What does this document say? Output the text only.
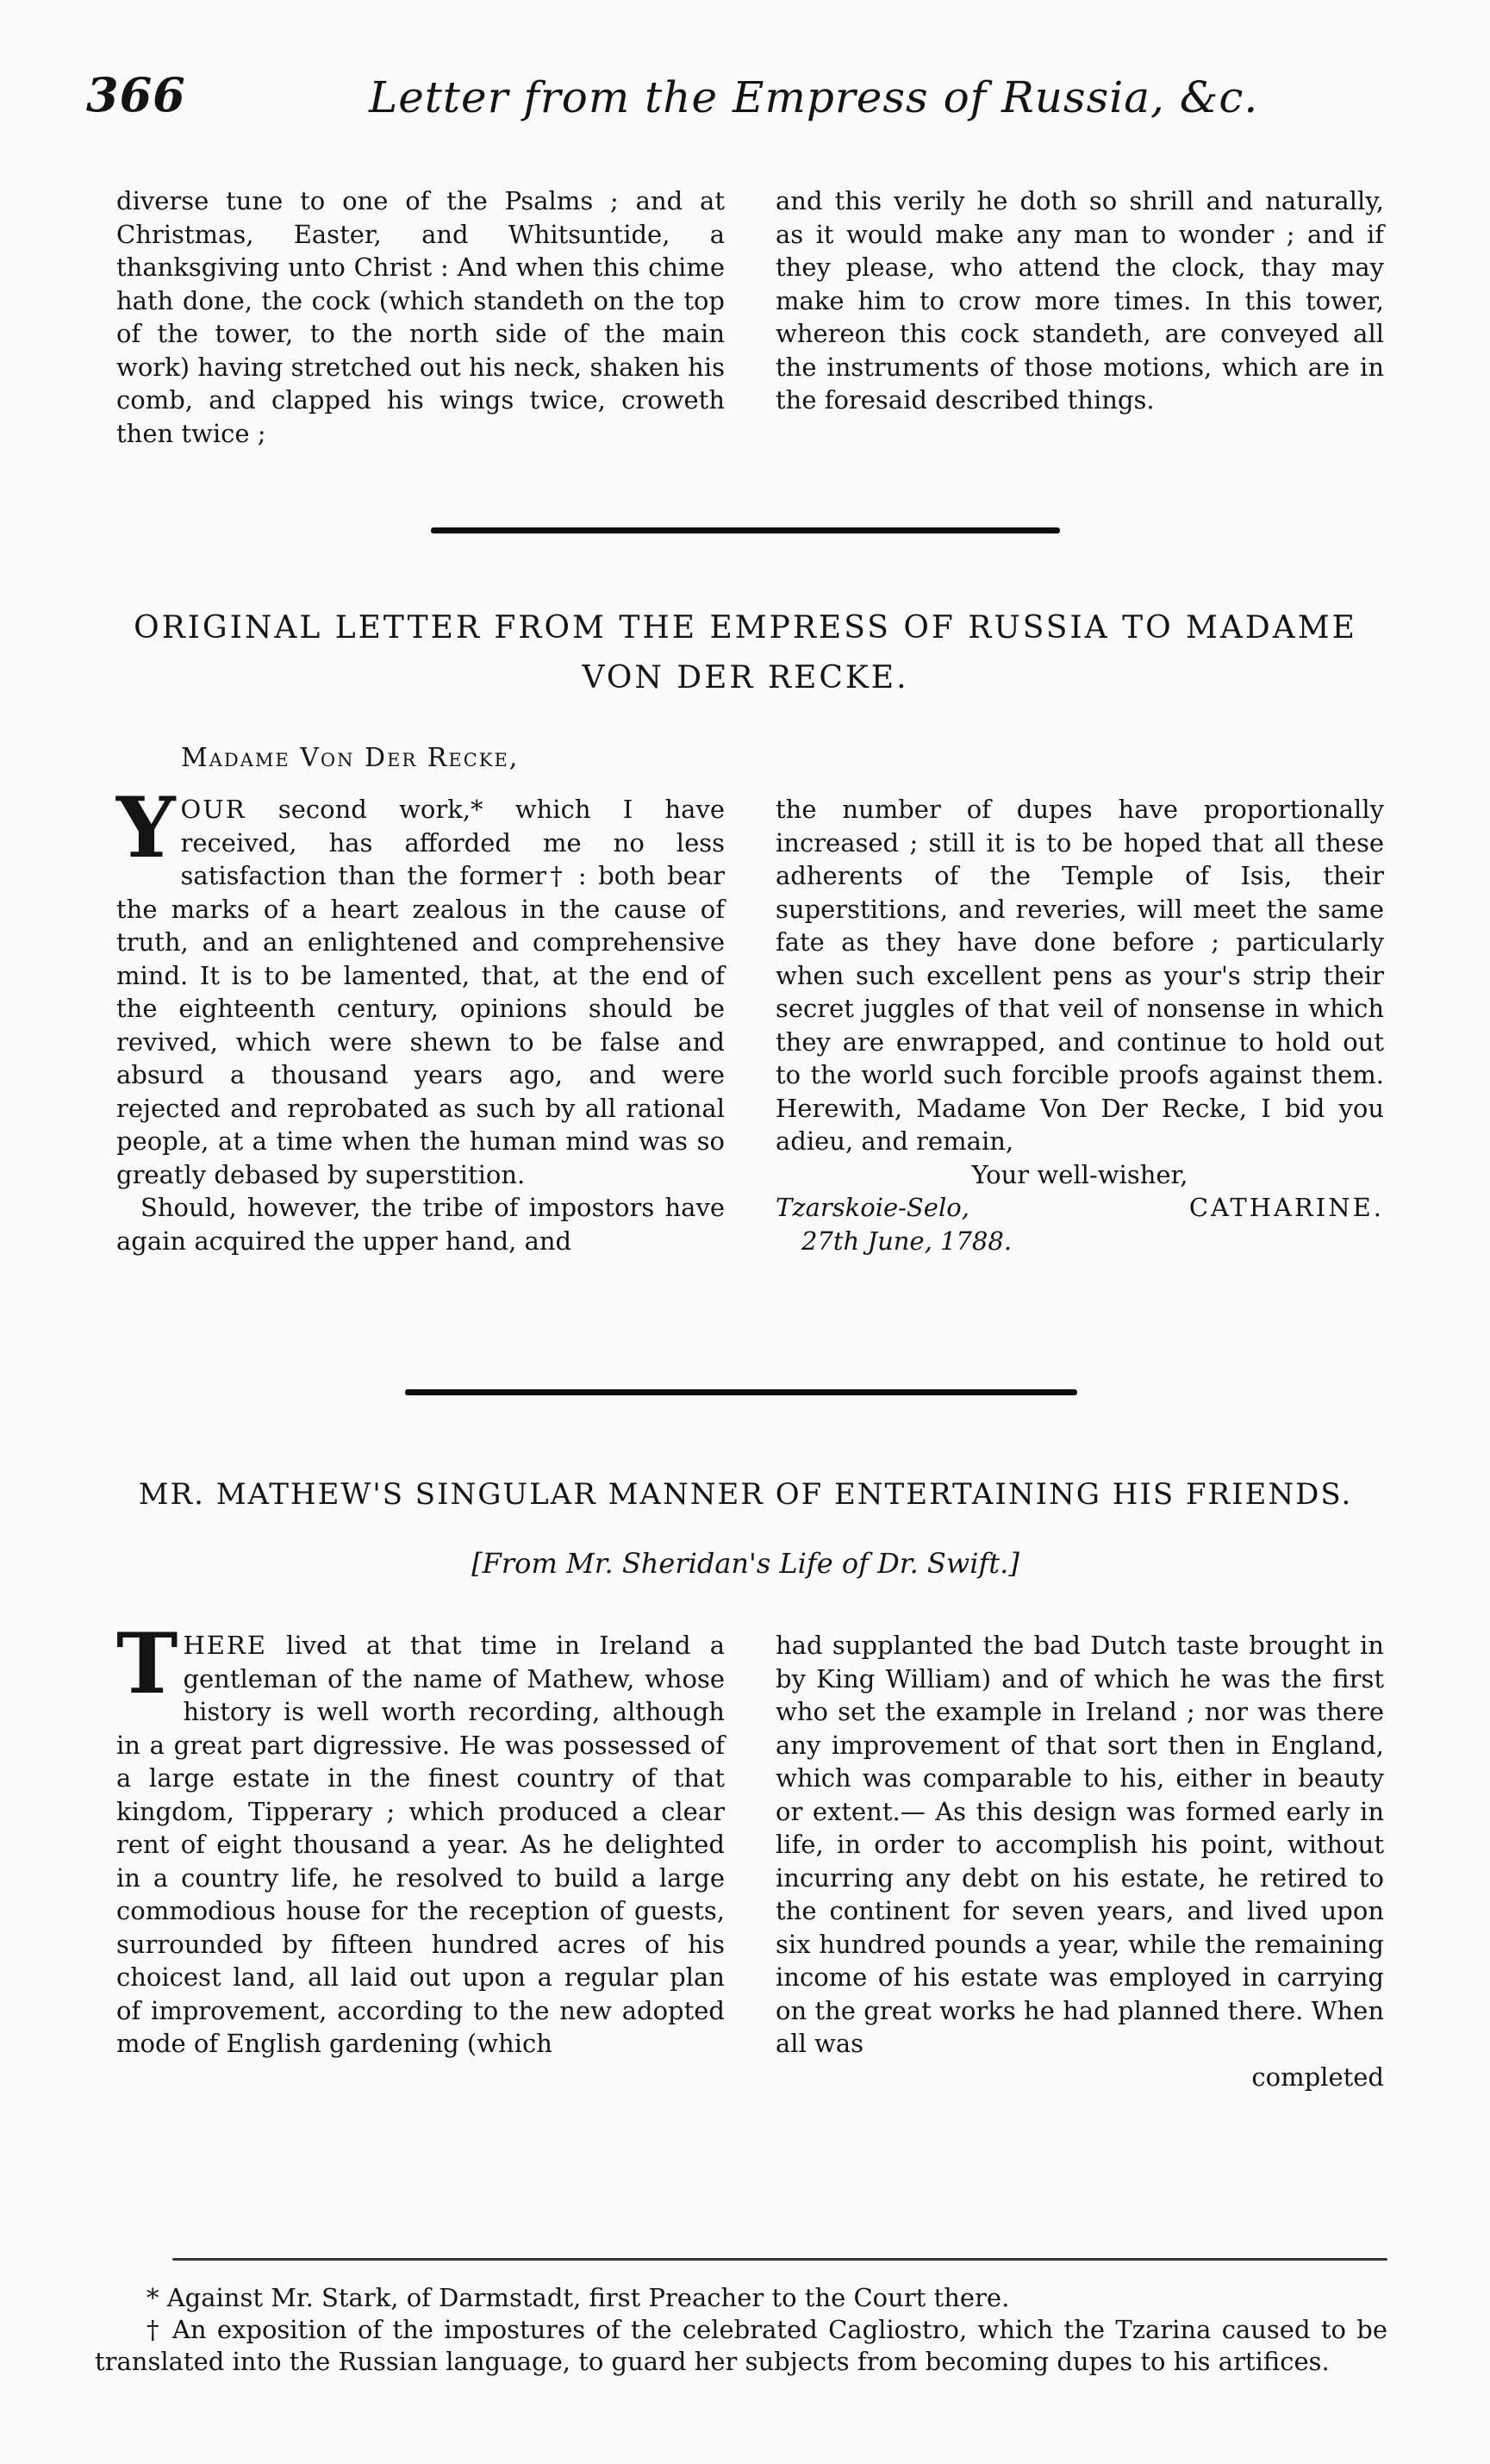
366	Letter from the Empress of Russia, &c.

diverse tune to one of the Psalms ; and at Christmas, Easter, and Whitsuntide, a thanksgiving unto Christ : And when this chime hath done, the cock (which standeth on the top of the tower, to the north side of the main work) having stretched out his neck, shaken his comb, and clapped his wings twice, croweth then twice ;

and this verily he doth so shrill and naturally, as it would make any man to wonder ; and if they please, who attend the clock, thay may make him to crow more times. In this tower, whereon this cock standeth, are conveyed all the instruments of those motions, which are in the foresaid described things.

ORIGINAL LETTER FROM THE EMPRESS OF RUSSIA TO MADAME
VON DER RECKE.
Madame Von Der Recke,

YOUR second work,* which I have received, has afforded me no less satisfaction than the former† : both bear the marks of a heart zealous in the cause of truth, and an enlightened and comprehensive mind. It is to be lamented, that, at the end of the eighteenth century, opinions should be revived, which were shewn to be false and absurd a thousand years ago, and were rejected and reprobated as such by all rational people, at a time when the human mind was so greatly debased by superstition.

Should, however, the tribe of impostors have again acquired the upper hand, and

the number of dupes have proportionally increased ; still it is to be hoped that all these adherents of the Temple of Isis, their superstitions, and reveries, will meet the same fate as they have done before ; particularly when such excellent pens as your's strip their secret juggles of that veil of nonsense in which they are enwrapped, and continue to hold out to the world such forcible proofs against them. Herewith, Madame Von Der Recke, I bid you adieu, and remain,

Your well-wisher,

Tzarskoie-Selo,	CATHARINE.
27th June, 1788.
MR. MATHEW'S SINGULAR MANNER OF ENTERTAINING HIS FRIENDS.
[From Mr. Sheridan's Life of Dr. Swift.]

THERE lived at that time in Ireland a gentleman of the name of Mathew, whose history is well worth recording, although in a great part digressive. He was possessed of a large estate in the finest country of that kingdom, Tipperary ; which produced a clear rent of eight thousand a year. As he delighted in a country life, he resolved to build a large commodious house for the reception of guests, surrounded by fifteen hundred acres of his choicest land, all laid out upon a regular plan of improvement, according to the new adopted mode of English gardening (which

had supplanted the bad Dutch taste brought in by King William) and of which he was the first who set the example in Ireland ; nor was there any improvement of that sort then in England, which was comparable to his, either in beauty or extent.— As this design was formed early in life, in order to accomplish his point, without incurring any debt on his estate, he retired to the continent for seven years, and lived upon six hundred pounds a year, while the remaining income of his estate was employed in carrying on the great works he had planned there. When all was

completed

* Against Mr. Stark, of Darmstadt, first Preacher to the Court there.

† An exposition of the impostures of the celebrated Cagliostro, which the Tzarina caused to be translated into the Russian language, to guard her subjects from becoming dupes to his artifices.
